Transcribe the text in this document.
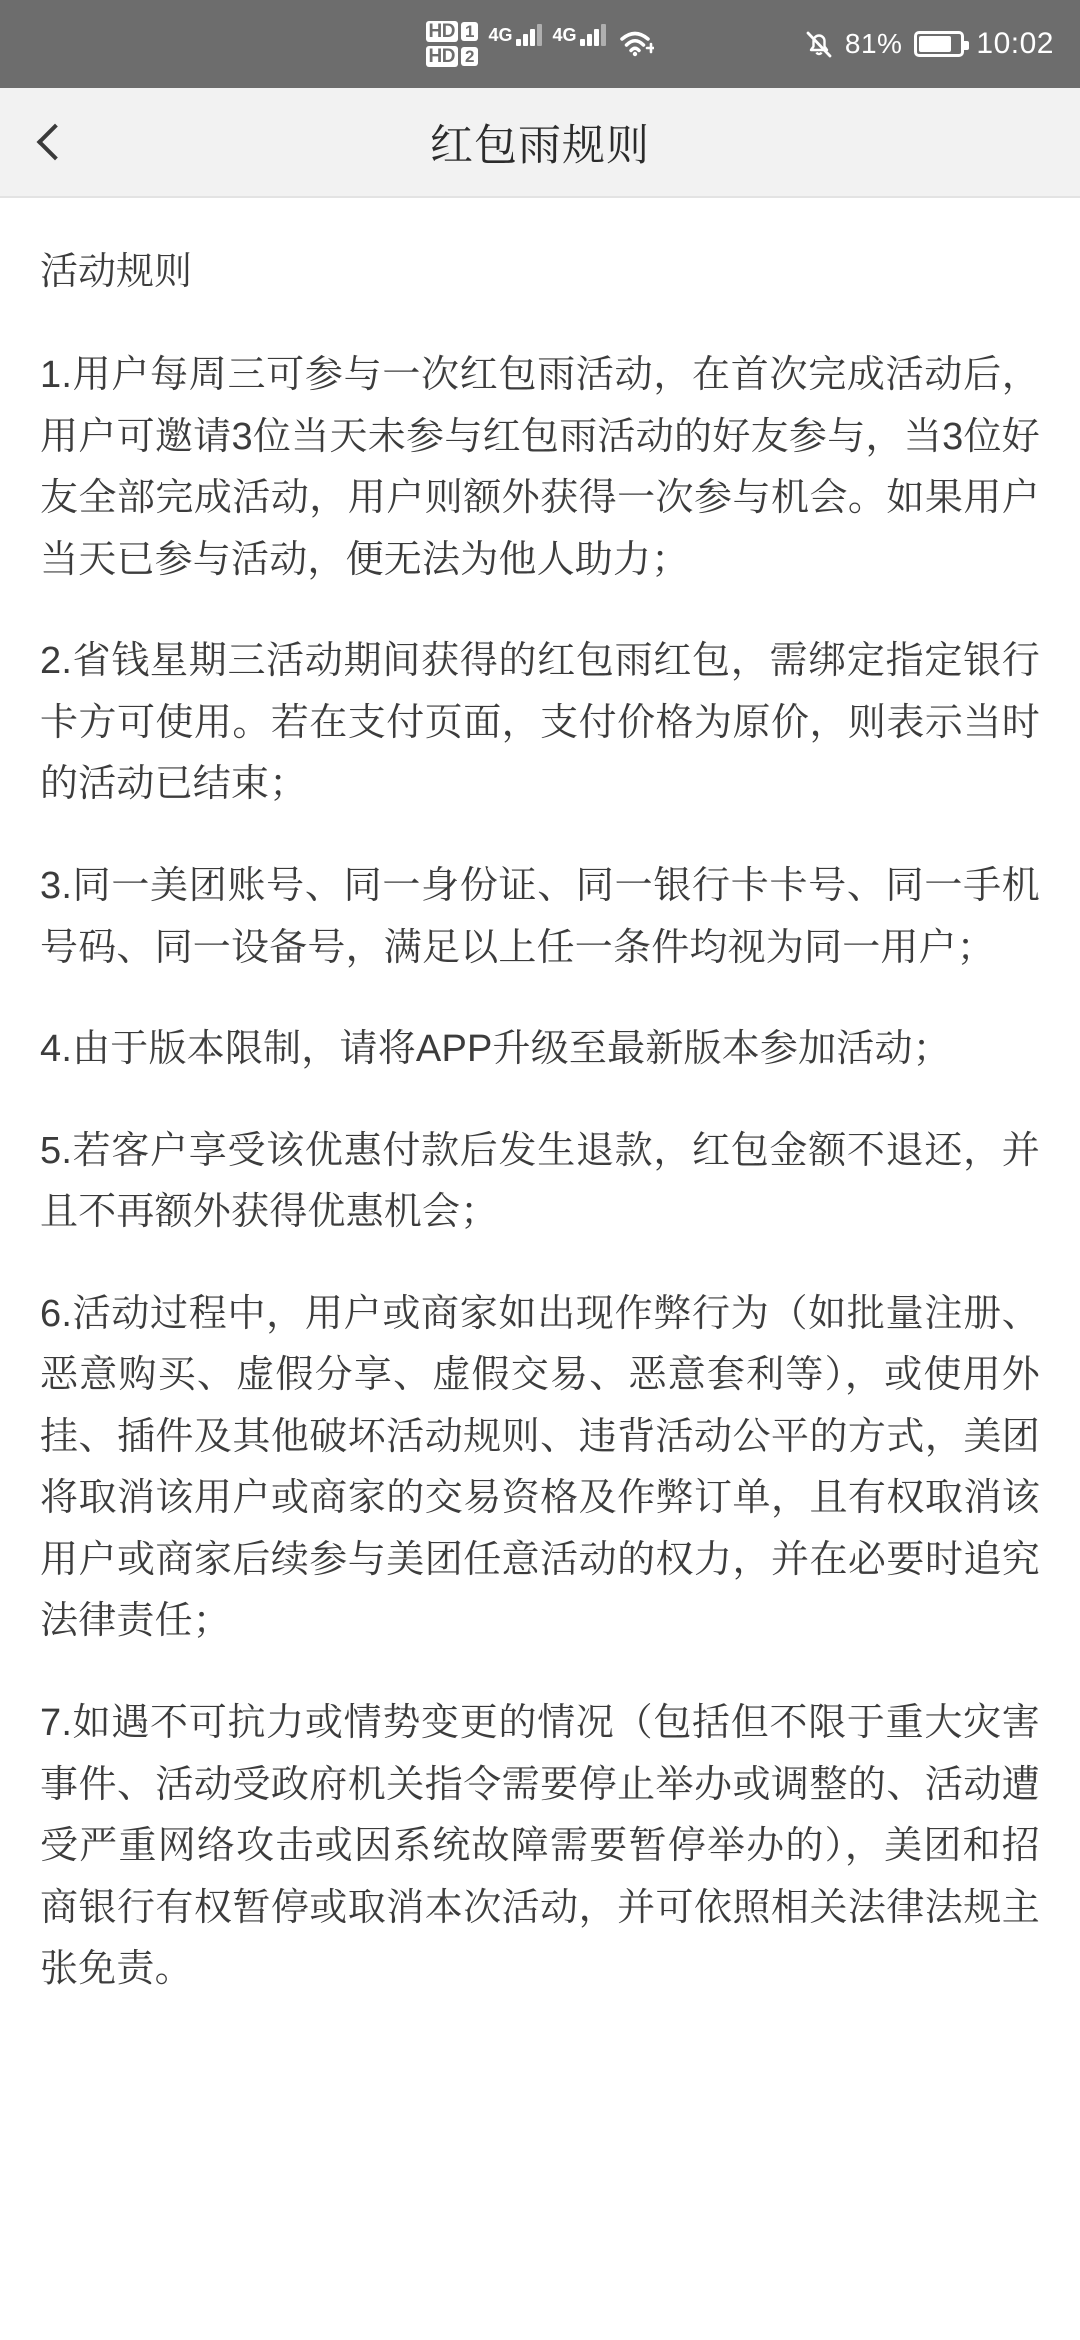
HD 1
HD 2
4G 4G	81% 10:02
红包雨规则
活动规则

1.用户每周三可参与一次红包雨活动，在首次完成活动后，用户可邀请3位当天未参与红包雨活动的好友参与，当3位好友全部完成活动，用户则额外获得一次参与机会。如果用户当天已参与活动，便无法为他人助力；

2.省钱星期三活动期间获得的红包雨红包，需绑定指定银行卡方可使用。若在支付页面，支付价格为原价，则表示当时的活动已结束；

3.同一美团账号、同一身份证、同一银行卡卡号、同一手机号码、同一设备号，满足以上任一条件均视为同一用户；

4.由于版本限制，请将APP升级至最新版本参加活动；

5.若客户享受该优惠付款后发生退款，红包金额不退还，并且不再额外获得优惠机会；

6.活动过程中，用户或商家如出现作弊行为（如批量注册、恶意购买、虚假分享、虚假交易、恶意套利等），或使用外挂、插件及其他破坏活动规则、违背活动公平的方式，美团将取消该用户或商家的交易资格及作弊订单，且有权取消该用户或商家后续参与美团任意活动的权力，并在必要时追究法律责任；

7.如遇不可抗力或情势变更的情况（包括但不限于重大灾害事件、活动受政府机关指令需要停止举办或调整的、活动遭受严重网络攻击或因系统故障需要暂停举办的），美团和招商银行有权暂停或取消本次活动，并可依照相关法律法规主张免责。
